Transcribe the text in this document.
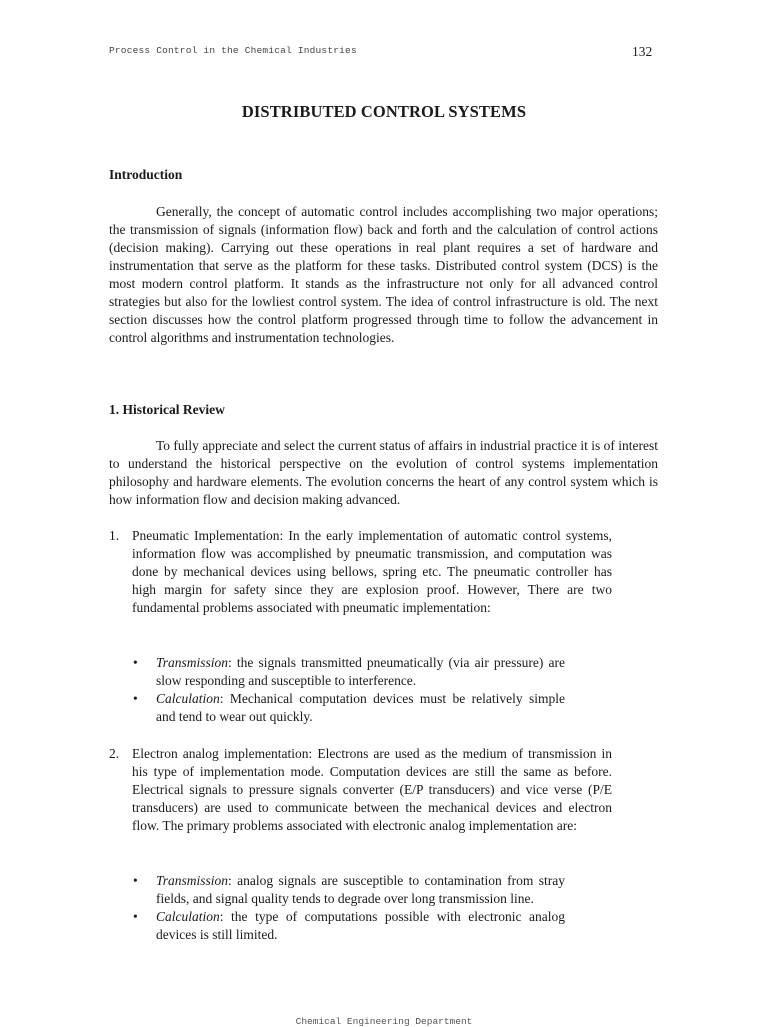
Process Control in the Chemical Industries	132
DISTRIBUTED CONTROL SYSTEMS
Introduction

Generally, the concept of automatic control includes accomplishing two major operations; the transmission of signals (information flow) back and forth and the calculation of control actions (decision making). Carrying out these operations in real plant requires a set of hardware and instrumentation that serve as the platform for these tasks. Distributed control system (DCS) is the most modern control platform. It stands as the infrastructure not only for all advanced control strategies but also for the lowliest control system. The idea of control infrastructure is old. The next section discusses how the control platform progressed through time to follow the advancement in control algorithms and instrumentation technologies.

1. Historical Review

To fully appreciate and select the current status of affairs in industrial practice it is of interest to understand the historical perspective on the evolution of control systems implementation philosophy and hardware elements. The evolution concerns the heart of any control system which is how information flow and decision making advanced.

1. Pneumatic Implementation: In the early implementation of automatic control systems, information flow was accomplished by pneumatic transmission, and computation was done by mechanical devices using bellows, spring etc. The pneumatic controller has high margin for safety since they are explosion proof. However, There are two fundamental problems associated with pneumatic implementation:
• Transmission: the signals transmitted pneumatically (via air pressure) are slow responding and susceptible to interference.
• Calculation: Mechanical computation devices must be relatively simple and tend to wear out quickly.
2. Electron analog implementation: Electrons are used as the medium of transmission in his type of implementation mode. Computation devices are still the same as before. Electrical signals to pressure signals converter (E/P transducers) and vice verse (P/E transducers) are used to communicate between the mechanical devices and electron flow. The primary problems associated with electronic analog implementation are:
• Transmission: analog signals are susceptible to contamination from stray fields, and signal quality tends to degrade over long transmission line.
• Calculation: the type of computations possible with electronic analog devices is still limited.
Chemical Engineering Department
